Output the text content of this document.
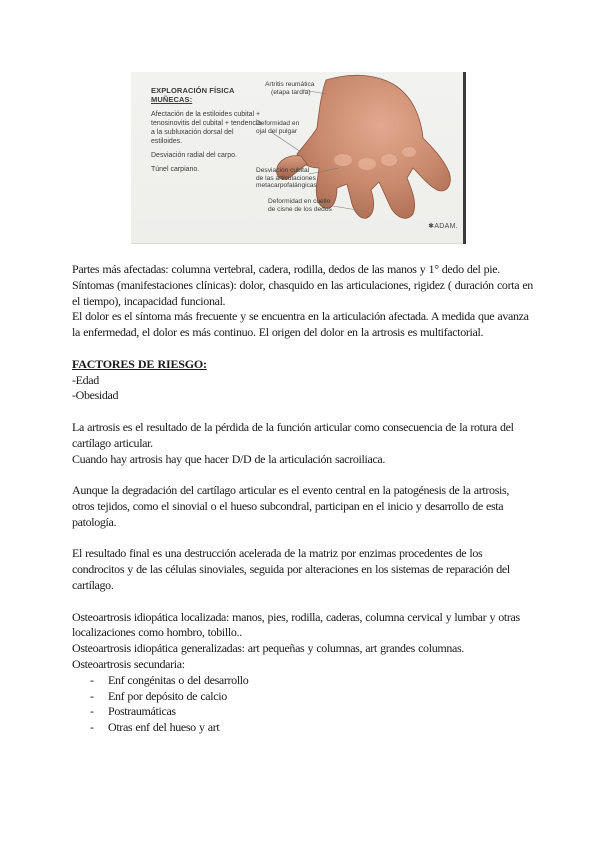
EXPLORACIÓN FÍSICA
MUÑECAS:

Afectación de la estiloides cubital + tenosinovitis del cubital + tendencia a la subluxación dorsal del estiloides.

Desviación radial del carpo.

Túnel carpiano.

Artritis reumática
(etapa tardía)
Deformidad en
ojal del pulgar
Desviación cubital
de las articulaciones
metacarpofalángicas
Deformidad en cuello
de cisne de los dedos
✱ADAM.

Partes más afectadas: columna vertebral, cadera, rodilla, dedos de las manos y 1° dedo del pie.

Síntomas (manifestaciones clínicas): dolor, chasquido en las articulaciones, rigidez ( duración corta en el tiempo), incapacidad funcional.

El dolor es el síntoma más frecuente y se encuentra en la articulación afectada. A medida que avanza la enfermedad, el dolor es más continuo. El origen del dolor en la artrosis es multifactorial.

FACTORES DE RIESGO:

-Edad

-Obesidad

La artrosis es el resultado de la pérdida de la función articular como consecuencia de la rotura del cartílago articular.

Cuando hay artrosis hay que hacer D/D de la articulación sacroiliaca.

Aunque la degradación del cartílago articular es el evento central en la patogénesis de la artrosis, otros tejidos, como el sinovial o el hueso subcondral, participan en el inicio y desarrollo de esta patología.

El resultado final es una destrucción acelerada de la matriz por enzimas procedentes de los condrocitos y de las células sinoviales, seguida por alteraciones en los sistemas de reparación del cartílago.

Osteoartrosis idiopática localizada: manos, pies, rodilla, caderas, columna cervical y lumbar y otras localizaciones como hombro, tobillo..

Osteoartrosis idiopática generalizadas: art pequeñas y columnas, art grandes columnas.

Osteoartrosis secundaria:

- Enf congénitas o del desarrollo
- Enf por depósito de calcio
- Postraumáticas
- Otras enf del hueso y art
